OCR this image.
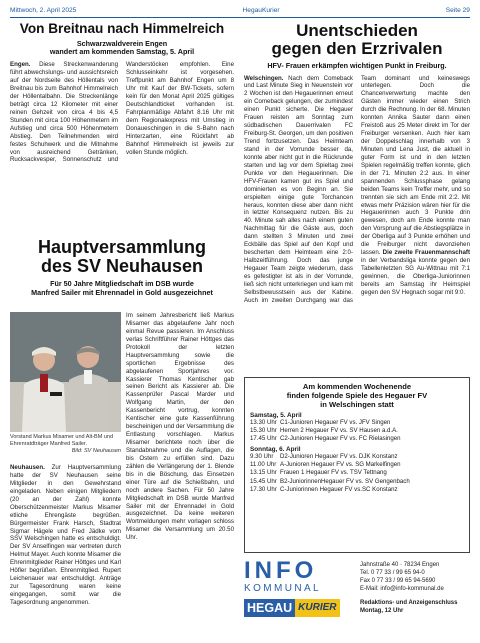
Mittwoch, 2. April 2025	HegauKurier	Seite 29
Von Breitnau nach Himmelreich
Schwarzwaldverein Engen
wandert am kommenden Samstag, 5. April
Engen. Diese Streckenwanderung führt abwechslungs- und aussichtsreich auf der Nordseite des Höllentals von Breitnau bis zum Bahnhof Himmelreich der Höllentalbahn. Die Streckenlänge beträgt circa 12 Kilometer mit einer reinen Gehzeit von circa 4 bis 4,5 Stunden mit circa 100 Höhenmetern im Aufstieg und circa 500 Höhenmetern Abstieg. Den Teilnehmenden wird festes Schuhwerk und die Mitnahme von ausreichend Getränken, Rucksackvesper, Sonnenschutz und Wanderstöcken empfohlen. Eine Schlusseinkehr ist vorgesehen. Treffpunkt am Bahnhof Engen um 8 Uhr mit Kauf der BW-Tickets, sofern kein für den Monat April 2025 gültiges Deutschlandticket vorhanden ist. Fahrplanmäßige Abfahrt 8.16 Uhr mit dem Regionalexpress mit Umstieg in Donaueschingen in die S-Bahn nach Hinterzarten, eine Rückfahrt ab Bahnhof Himmelreich ist jeweils zur vollen Stunde möglich.
Hauptversammlung
des SV Neuhausen
Für 50 Jahre Mitgliedschaft im DSB wurde
Manfred Sailer mit Ehrennadel in Gold ausgezeichnet
Vorstand Markus Misamer und Alt-BM und Ehrenratdträger Manfred Sailer.
Bild: SV Neuhausen
Neuhausen. Zur Hauptversammlung hatte der SV Neuhausen seine Mitglieder in den Gewehrstand eingeladen. Neben einigen Mitgliedern (20 an der Zahl) konnte Oberschützenmeister Markus Misamer etliche Ehrengäste begrüßen. Bürgermeister Frank Harsch, Stadtrat Sigmar Hägele und Fred Jädke vom SSV Welschingen hatte es entschuldigt. Der SV Anselfingen war vertreten durch Helmut Mayer. Auch konnte Misamer die Ehrenmitglieder Rainer Höttges und Karl Höfler begrüßen. Ehrenmitglied. Rupert Leichenauer war entschuldigt. Anträge zur Tagesordnung waren keine eingegangen, somit war die Tagesordnung angenommen.
Im seinem Jahresbericht ließ Markus Misamer das abgelaufene Jahr noch einmal Revue passieren. Im Anschluss verlas Schriftführer Rainer Höttges das Protokoll der letzten Hauptversammlung sowie die sportlichen Ergebnisse des abgelaufenen Sportjahres vor. Kassierer Thomas Kentischer gab seinen Bericht als Kassierer ab. Die Kassenprüfer Pascal Marder und Wolfgang Martin, der den Kassenbericht vortrug, konnten Kentischer eine gute Kassenführung bescheinigen und der Versammlung die Entlastung vorschlagen. Markus Misamer berichtete noch über die Standabnahme und die Auflagen, die bis Ostern zu erfüllen sind. Dazu zählen die Verlängerung der 1. Blende bis in die Böschung, das Einsetzen einer Türe auf die Schießbahn, und noch andere Sachen. Für 50 Jahre Mitgliedschaft im DSB wurde Manfred Sailer mit der Ehrennadel in Gold ausgezeichnet. Da keine weiteren Wortmeldungen mehr vorlagen schloss Misamer die Versammlung um 20.50 Uhr.
Unentschieden
gegen den Erzrivalen
HFV- Frauen erkämpfen wichtigen Punkt in Freiburg.
Welschingen. Nach dem Comeback und Last Minute Sieg in Neuenstein vor 2 Wochen ist den Hegauerinnen erneut ein Comeback gelungen, der zumindest einen Punkt sicherte. Die Hegauer Frauen reisten am Sonntag zum südbadischen Dauerrivalen FC Freiburg-St. Georgen, um den positiven Trend fortzusetzen. Das Heimteam stand in der Vorrunde besser da, konnte aber nicht gut in die Rückrunde starten und lag vor dem Spieltag zwei Punkte vor den Hegauerinnen. Die HFV-Frauen kamen gut ins Spiel und dominierten es von Beginn an. Sie erspielten einige gute Torchancen heraus, konnten diese aber dann nicht in letzter Konsequenz nutzen. Bis zu 40. Minute sah alles nach einem guten Nachmittag für die Gäste aus, doch dann stellten 3 Minuten und zwei Eckbälle das Spiel auf den Kopf und bescherten dem Heimteam eine 2:0-Halbzeitführung. Doch das junge Hegauer Team zeigte wiederum, dass es gefestigter ist als in der Vorrunde, ließ sich nicht unterkriegen und kam mit Selbstbewusstsein aus der Kabine. Auch im zweiten Durchgang war das Team dominant und keineswegs unterlegen. Doch die Chancenverwertung machte den Gästen immer wieder einen Strich durch die Rechnung. In der 68. Minuten konnten Annika Sauter dann einen Freistoß aus 25 Meter direkt im Tor der Freiburger versenken. Auch hier kam der Doppelschlag innerhalb von 3 Minuten und Lena Just, die aktuell in guter Form ist und in den letzten Spielen regelmäßig treffen konnte, glich in der 71. Minuten 2:2 aus. In einer spannenden Schlussphase gelang beiden Teams kein Treffer mehr, und so trennten sie sich am Ende mit 2:2. Mit etwas mehr Präzision wären hier für die Hegauerinnen auch 3 Punkte drin gewesen, doch am Ende konnte man den Vorsprung auf die Abstiegsplätze in der Oberliga auf 3 Punkte erhöhen und die Freiburger nicht davonziehen lassen. Die zweite Frauenmannschaft in der Verbandsliga konnte gegen den Tabellenletzten SG Au-Wittnau mit 7:1 gewinnen, die Oberliga-Juniorinnen bereits am Samstag ihr Heimspiel gegen den SV Hegnach sogar mit 9:0.
Am kommenden Wochenende
finden folgende Spiele des Hegauer FV
in Welschingen statt
Samstag, 5. April
13.30 Uhr C1-Junioren Hegauer FV vs. JFV Singen
15.30 Uhr Herren 2 Hegauer FV vs. SV Hausen a.d.A.
17.45 Uhr C2-Junioren Hegauer FV vs. FC Rielasingen
Sonntag, 6. April
9.30 Uhr	D2-Junioren Hegauer FV vs. DJK Konstanz
11.00 Uhr A-Junioren Hegauer FV vs. SG Markelfingen
13.15 Uhr Frauen 1 Hegauer FV vs. TSV Tettnang
15.45 Uhr B2-JuniorinnenHegauer FV vs. SV Gengenbach
17.30 Uhr C-Juniorinnen Hegauer FV vs.SC Konstanz
INFO
KOMMUNAL
HEGAU KURIER
Jahnstraße 40 · 78234 Engen
Tel. 0 77 33 / 99 65 94-0
Fax 0 77 33 / 99 65 94-5690
E-Mail: info@info-kommunal.de
Redaktions- und Anzeigenschluss
Montag, 12 Uhr
